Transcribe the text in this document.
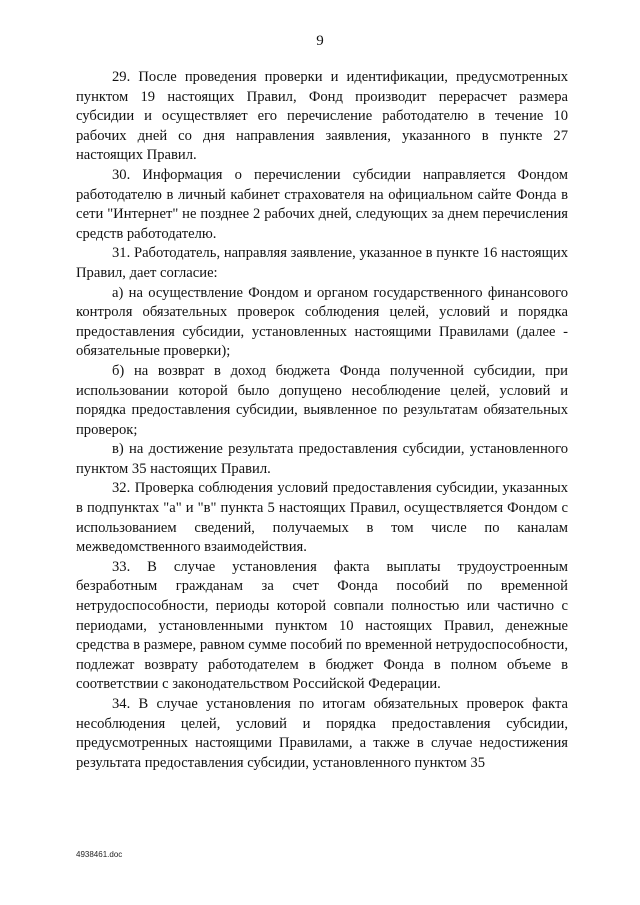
9

29. После проведения проверки и идентификации, предусмотренных пунктом 19 настоящих Правил, Фонд производит перерасчет размера субсидии и осуществляет его перечисление работодателю в течение 10 рабочих дней со дня направления заявления, указанного в пункте 27 настоящих Правил.

30. Информация о перечислении субсидии направляется Фондом работодателю в личный кабинет страхователя на официальном сайте Фонда в сети "Интернет" не позднее 2 рабочих дней, следующих за днем перечисления средств работодателю.

31. Работодатель, направляя заявление, указанное в пункте 16 настоящих Правил, дает согласие:

а) на осуществление Фондом и органом государственного финансового контроля обязательных проверок соблюдения целей, условий и порядка предоставления субсидии, установленных настоящими Правилами (далее - обязательные проверки);

б) на возврат в доход бюджета Фонда полученной субсидии, при использовании которой было допущено несоблюдение целей, условий и порядка предоставления субсидии, выявленное по результатам обязательных проверок;

в) на достижение результата предоставления субсидии, установленного пунктом 35 настоящих Правил.

32. Проверка соблюдения условий предоставления субсидии, указанных в подпунктах "а" и "в" пункта 5 настоящих Правил, осуществляется Фондом с использованием сведений, получаемых в том числе по каналам межведомственного взаимодействия.

33. В случае установления факта выплаты трудоустроенным безработным гражданам за счет Фонда пособий по временной нетрудоспособности, периоды которой совпали полностью или частично с периодами, установленными пунктом 10 настоящих Правил, денежные средства в размере, равном сумме пособий по временной нетрудоспособности, подлежат возврату работодателем в бюджет Фонда в полном объеме в соответствии с законодательством Российской Федерации.

34. В случае установления по итогам обязательных проверок факта несоблюдения целей, условий и порядка предоставления субсидии, предусмотренных настоящими Правилами, а также в случае недостижения результата предоставления субсидии, установленного пунктом 35

4938461.doc
